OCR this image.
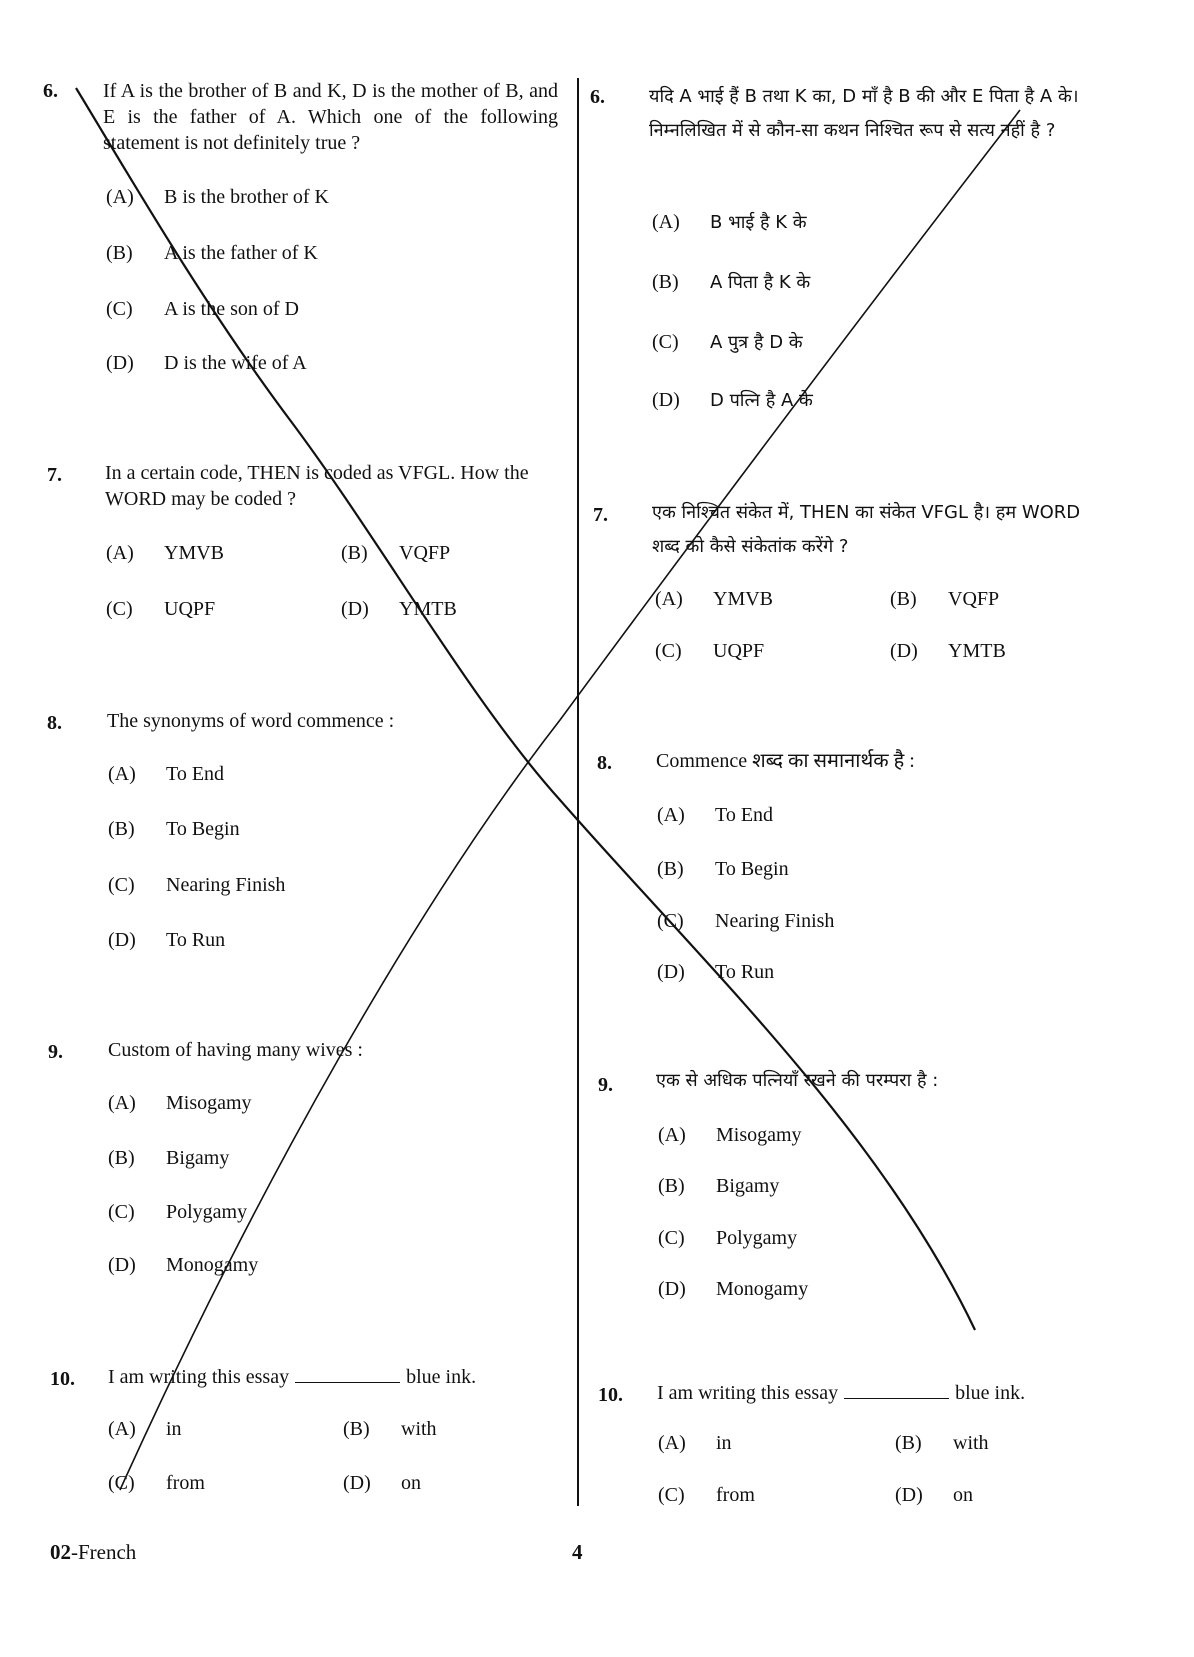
6. If A is the brother of B and K, D is the mother of B, and E is the father of A. Which one of the following statement is not definitely true ?
(A) B is the brother of K
(B) A is the father of K
(C) A is the son of D
(D) D is the wife of A
7. In a certain code, THEN is coded as VFGL. How the WORD may be coded ?
(A) YMVB	(B) VQFP
(C) UQPF	(D) YMTB
8. The synonyms of word commence :
(A) To End
(B) To Begin
(C) Nearing Finish
(D) To Run
9. Custom of having many wives :
(A) Misogamy
(B) Bigamy
(C) Polygamy
(D) Monogamy
10. I am writing this essay	blue ink.
(A) in	(B) with
(C) from	(D) on
6. यदि A भाई हैं B तथा K का, D माँ है B की और E पिता है A के। निम्नलिखित में से कौन-सा कथन निश्चित रूप से सत्य नहीं है ?
(A) B भाई है K के
(B) A पिता है K के
(C) A पुत्र है D के
(D) D पत्नि है A के
7. एक निश्चित संकेत में, THEN का संकेत VFGL है। हम WORD शब्द को कैसे संकेतांक करेंगे ?
(A) YMVB	(B) VQFP
(C) UQPF	(D) YMTB
8. Commence शब्द का समानार्थक है :
(A) To End
(B) To Begin
(C) Nearing Finish
(D) To Run
9. एक से अधिक पत्नियाँ रखने की परम्परा है :
(A) Misogamy
(B) Bigamy
(C) Polygamy
(D) Monogamy
10. I am writing this essay	blue ink.
(A) in	(B) with
(C) from	(D) on
02-French	4
